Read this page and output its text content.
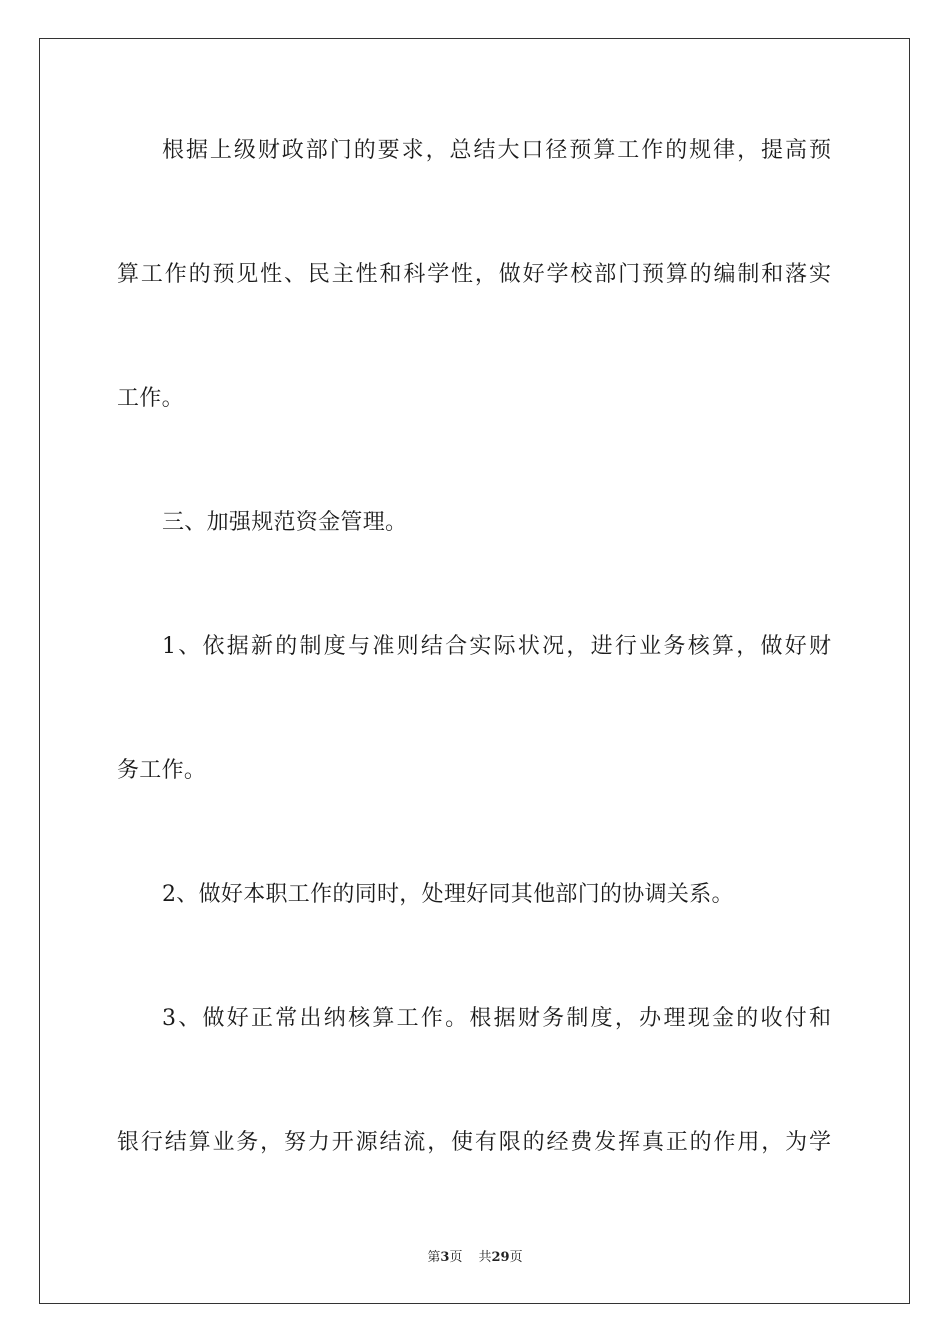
根据上级财政部门的要求，总结大口径预算工作的规律，提高预
算工作的预见性、民主性和科学性，做好学校部门预算的编制和落实
工作。
三、加强规范资金管理。
1、依据新的制度与准则结合实际状况，进行业务核算，做好财
务工作。
2、做好本职工作的同时，处理好同其他部门的协调关系。
3、做好正常出纳核算工作。根据财务制度，办理现金的收付和
银行结算业务，努力开源结流，使有限的经费发挥真正的作用，为学
第3页 共29页
